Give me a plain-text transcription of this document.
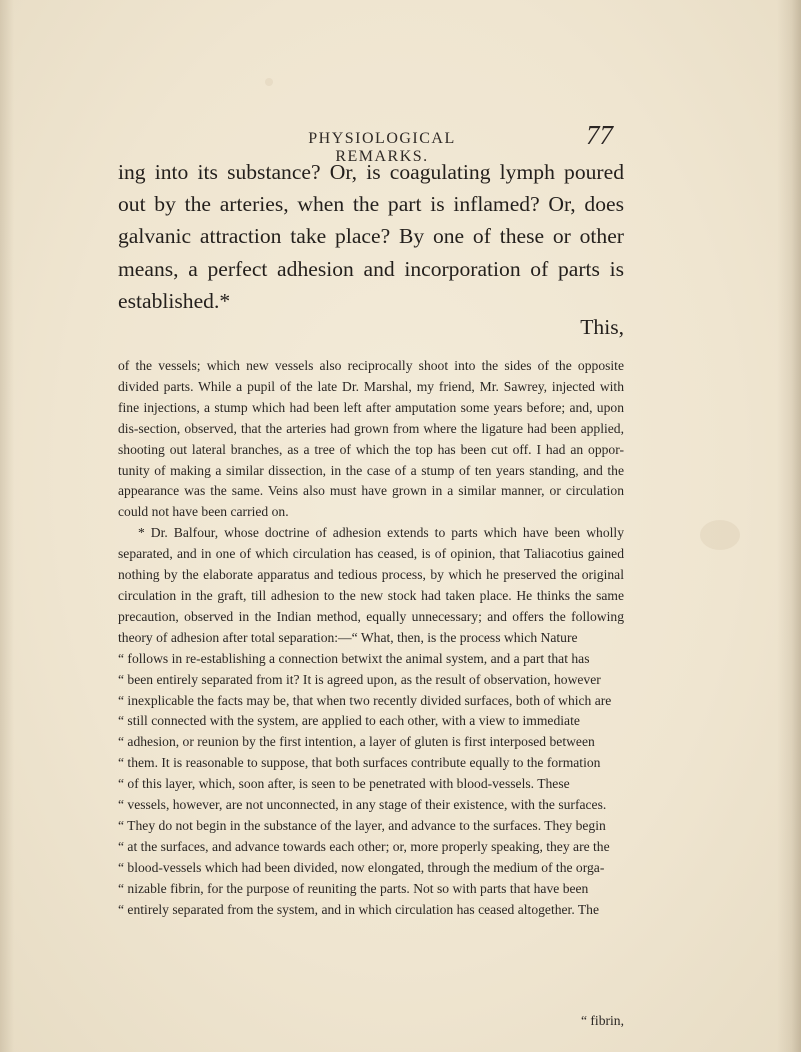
PHYSIOLOGICAL REMARKS.
77

ing into its substance? Or, is coagulating lymph poured out by the arteries, when the part is inflamed? Or, does galvanic attraction take place? By one of these or other means, a perfect adhesion and incorporation of parts is established.*

This,

of the vessels; which new vessels also reciprocally shoot into the sides of the opposite divided parts. While a pupil of the late Dr. Marshal, my friend, Mr. Sawrey, injected with fine injections, a stump which had been left after amputation some years before; and, upon dis-section, observed, that the arteries had grown from where the ligature had been applied, shooting out lateral branches, as a tree of which the top has been cut off. I had an oppor-tunity of making a similar dissection, in the case of a stump of ten years standing, and the appearance was the same. Veins also must have grown in a similar manner, or circulation could not have been carried on.

* Dr. Balfour, whose doctrine of adhesion extends to parts which have been wholly separated, and in one of which circulation has ceased, is of opinion, that Taliacotius gained nothing by the elaborate apparatus and tedious process, by which he preserved the original circulation in the graft, till adhesion to the new stock had taken place. He thinks the same precaution, observed in the Indian method, equally unnecessary; and offers the following theory of adhesion after total separation:—“ What, then, is the process which Nature

“ follows in re-establishing a connection betwixt the animal system, and a part that has
“ been entirely separated from it? It is agreed upon, as the result of observation, however
“ inexplicable the facts may be, that when two recently divided surfaces, both of which are
“ still connected with the system, are applied to each other, with a view to immediate
“ adhesion, or reunion by the first intention, a layer of gluten is first interposed between
“ them. It is reasonable to suppose, that both surfaces contribute equally to the formation
“ of this layer, which, soon after, is seen to be penetrated with blood-vessels. These
“ vessels, however, are not unconnected, in any stage of their existence, with the surfaces.
“ They do not begin in the substance of the layer, and advance to the surfaces. They begin
“ at the surfaces, and advance towards each other; or, more properly speaking, they are the
“ blood-vessels which had been divided, now elongated, through the medium of the orga-
“ nizable fibrin, for the purpose of reuniting the parts. Not so with parts that have been
“ entirely separated from the system, and in which circulation has ceased altogether. The
“ fibrin,
